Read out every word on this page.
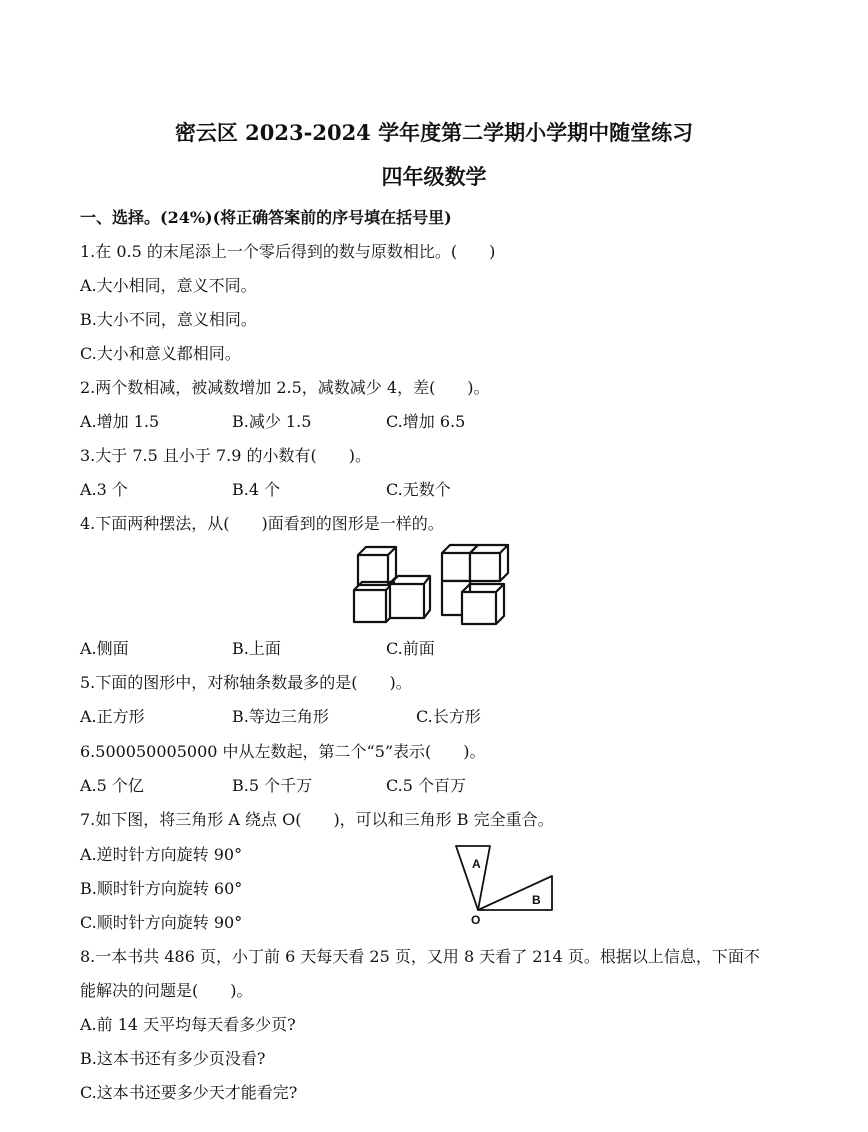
密云区 2023-2024 学年度第二学期小学期中随堂练习
四年级数学
一、选择。(24%)(将正确答案前的序号填在括号里)
1.在 0.5 的末尾添上一个零后得到的数与原数相比。(　　)
A.大小相同，意义不同。
B.大小不同，意义相同。
C.大小和意义都相同。
2.两个数相减，被减数增加 2.5，减数减少 4，差(　　)。
A.增加 1.5	B.减少 1.5	C.增加 6.5
3.大于 7.5 且小于 7.9 的小数有(　　)。
A.3 个	B.4 个	C.无数个
4.下面两种摆法，从(　　)面看到的图形是一样的。
A.侧面	B.上面	C.前面
5.下面的图形中，对称轴条数最多的是(　　)。
A.正方形	B.等边三角形	C.长方形
6.500050005000 中从左数起，第二个“5”表示(　　)。
A.5 个亿	B.5 个千万	C.5 个百万
7.如下图，将三角形 A 绕点 O(　　)，可以和三角形 B 完全重合。
A.逆时针方向旋转 90°
B.顺时针方向旋转 60°
C.顺时针方向旋转 90°
A
B
O
8.一本书共 486 页，小丁前 6 天每天看 25 页，又用 8 天看了 214 页。根据以上信息，下面不
能解决的问题是(　　)。
A.前 14 天平均每天看多少页?
B.这本书还有多少页没看?
C.这本书还要多少天才能看完?
